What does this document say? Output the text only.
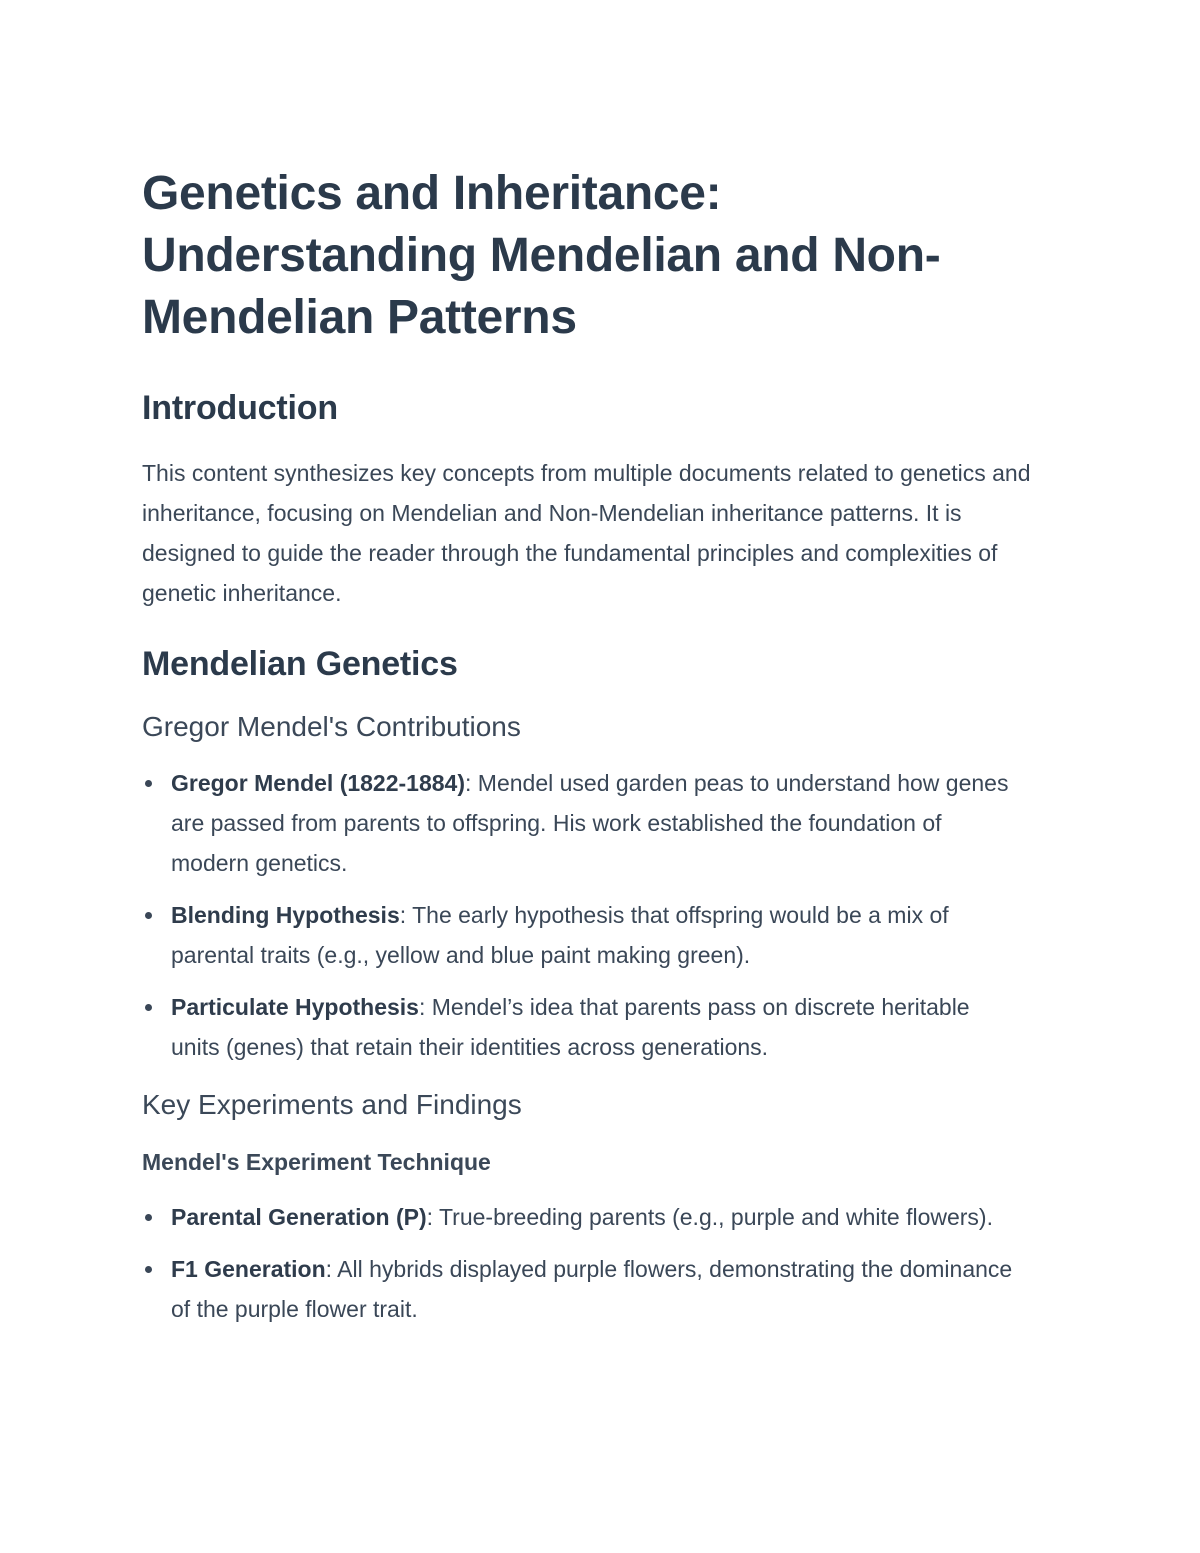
Genetics and Inheritance: Understanding Mendelian and Non-Mendelian Patterns
Introduction

This content synthesizes key concepts from multiple documents related to genetics and inheritance, focusing on Mendelian and Non-Mendelian inheritance patterns. It is designed to guide the reader through the fundamental principles and complexities of genetic inheritance.

Mendelian Genetics
Gregor Mendel's Contributions
Gregor Mendel (1822-1884): Mendel used garden peas to understand how genes are passed from parents to offspring. His work established the foundation of modern genetics.
Blending Hypothesis: The early hypothesis that offspring would be a mix of parental traits (e.g., yellow and blue paint making green).
Particulate Hypothesis: Mendel’s idea that parents pass on discrete heritable units (genes) that retain their identities across generations.
Key Experiments and Findings
Mendel's Experiment Technique
Parental Generation (P): True-breeding parents (e.g., purple and white flowers).
F1 Generation: All hybrids displayed purple flowers, demonstrating the dominance of the purple flower trait.
